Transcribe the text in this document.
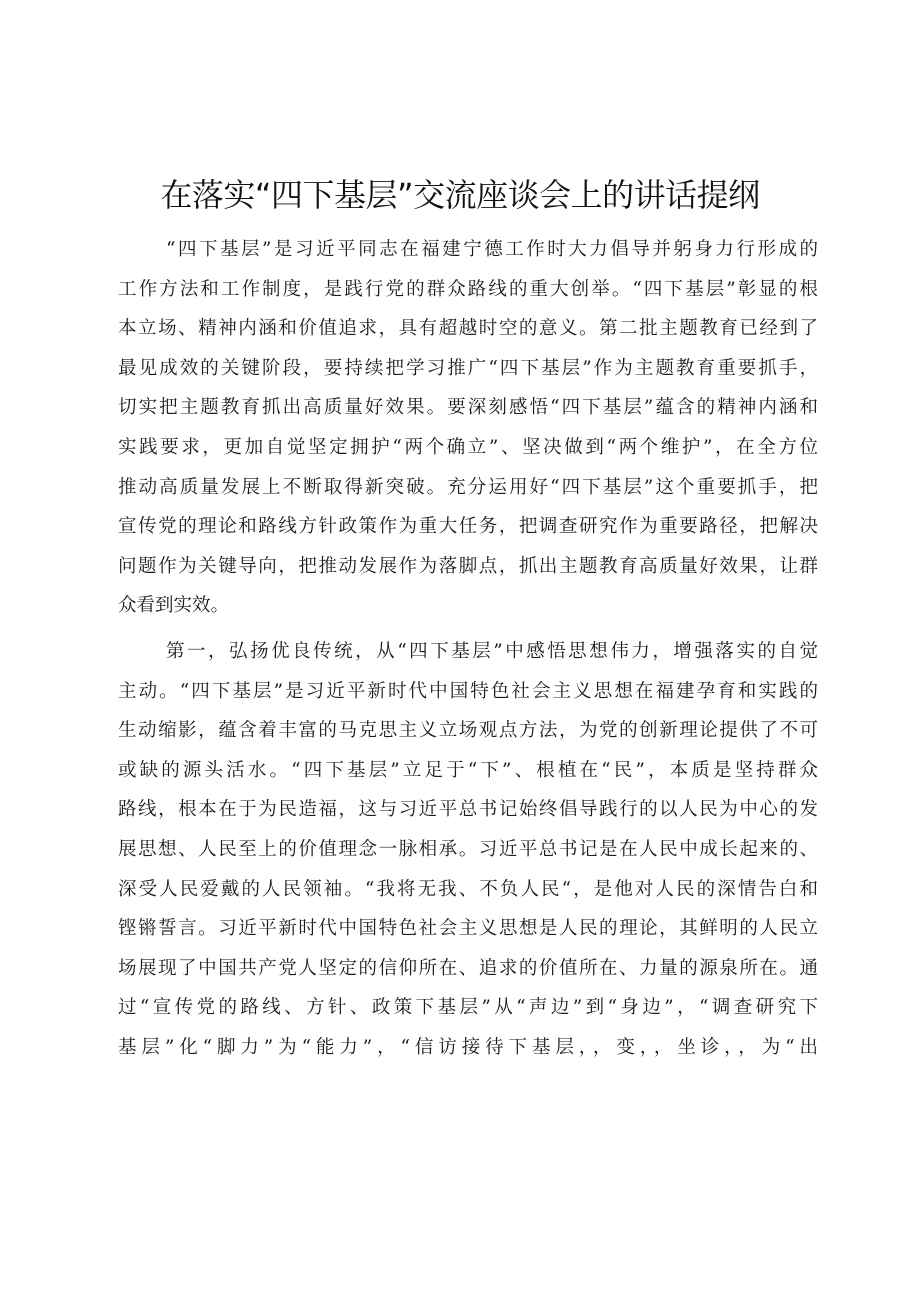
在落实“四下基层”交流座谈会上的讲话提纲
“四下基层”是习近平同志在福建宁德工作时大力倡导并躬身力行形成的
工作方法和工作制度，是践行党的群众路线的重大创举。“四下基层”彰显的根
本立场、精神内涵和价值追求，具有超越时空的意义。第二批主题教育已经到了
最见成效的关键阶段，要持续把学习推广“四下基层”作为主题教育重要抓手，
切实把主题教育抓出高质量好效果。要深刻感悟“四下基层”蕴含的精神内涵和
实践要求，更加自觉坚定拥护“两个确立”、坚决做到“两个维护”，在全方位
推动高质量发展上不断取得新突破。充分运用好“四下基层”这个重要抓手，把
宣传党的理论和路线方针政策作为重大任务，把调查研究作为重要路径，把解决
问题作为关键导向，把推动发展作为落脚点，抓出主题教育高质量好效果，让群
众看到实效。
第一，弘扬优良传统，从“四下基层”中感悟思想伟力，增强落实的自觉
主动。“四下基层”是习近平新时代中国特色社会主义思想在福建孕育和实践的
生动缩影，蕴含着丰富的马克思主义立场观点方法，为党的创新理论提供了不可
或缺的源头活水。“四下基层”立足于“下”、根植在“民”，本质是坚持群众
路线，根本在于为民造福，这与习近平总书记始终倡导践行的以人民为中心的发
展思想、人民至上的价值理念一脉相承。习近平总书记是在人民中成长起来的、
深受人民爱戴的人民领袖。“我将无我、不负人民“，是他对人民的深情告白和
铿锵誓言。习近平新时代中国特色社会主义思想是人民的理论，其鲜明的人民立
场展现了中国共产党人坚定的信仰所在、追求的价值所在、力量的源泉所在。通
过“宣传党的路线、方针、政策下基层”从“声边”到“身边”，“调查研究下
基层”化“脚力”为“能力”，“信访接待下基层，，变，，坐诊，，为“出
